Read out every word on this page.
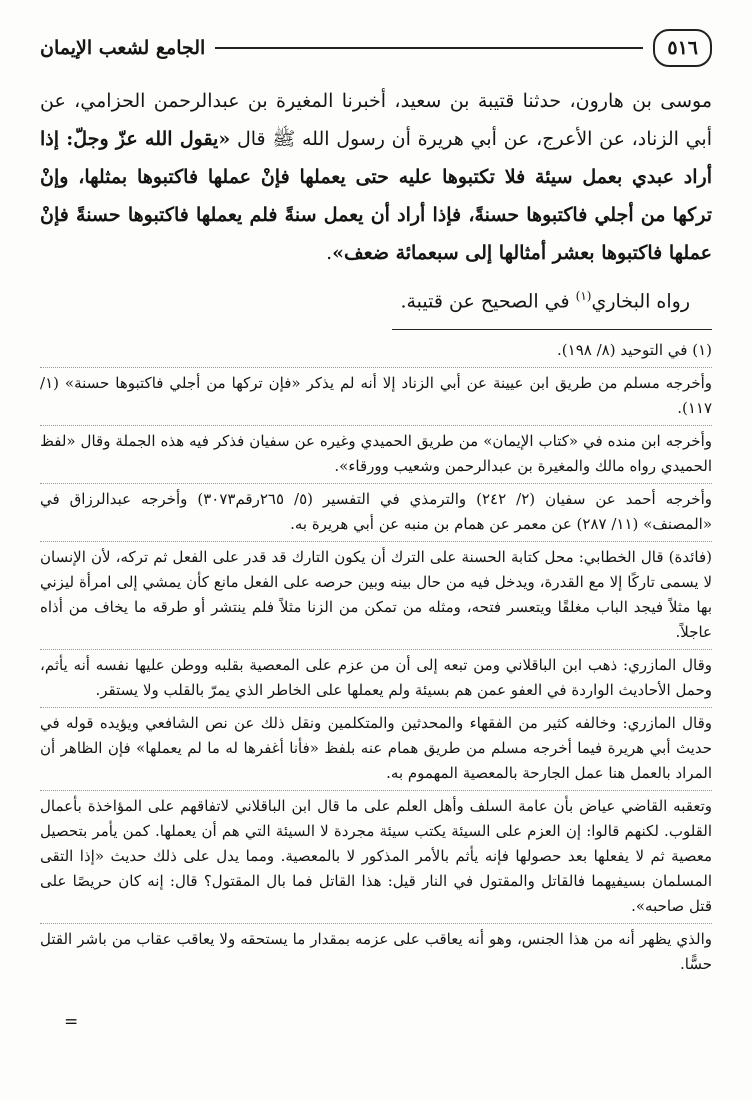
٥١٦
الجامع لشعب الإيمان
موسى بن هارون، حدثنا قتيبة بن سعيد، أخبرنا المغيرة بن عبدالرحمن الحزامي، عن أبي الزناد، عن الأعرج، عن أبي هريرة أن رسول الله ﷺ قال «يقول الله عزّ وجلّ: إذا أراد عبدي بعمل سيئة فلا تكتبوها عليه حتى يعملها فإنْ عملها فاكتبوها بمثلها، وإنْ تركها من أجلي فاكتبوها حسنةً، فإذا أراد أن يعمل سنةً فلم يعملها فاكتبوها حسنةً فإنْ عملها فاكتبوها بعشر أمثالها إلى سبعمائة ضعف».
رواه البخاري$^{(١)}$ في الصحيح عن قتيبة.

(١) في التوحيد (٨/ ١٩٨).

وأخرجه مسلم من طريق ابن عيينة عن أبي الزناد إلا أنه لم يذكر «فإن تركها من أجلي فاكتبوها حسنة» (١/ ١١٧).

وأخرجه ابن منده في «كتاب الإيمان» من طريق الحميدي وغيره عن سفيان فذكر فيه هذه الجملة وقال «لفظ الحميدي رواه مالك والمغيرة بن عبدالرحمن وشعيب وورقاء».

وأخرجه أحمد عن سفيان (٢/ ٢٤٢) والترمذي في التفسير (٥/ ٢٦٥رقم٣٠٧٣) وأخرجه عبدالرزاق في «المصنف» (١١/ ٢٨٧) عن معمر عن همام بن منبه عن أبي هريرة به.

(فائدة) قال الخطابي: محل كتابة الحسنة على الترك أن يكون التارك قد قدر على الفعل ثم تركه، لأن الإنسان لا يسمى تاركًا إلا مع القدرة، ويدخل فيه من حال بينه وبين حرصه على الفعل مانع كأن يمشي إلى امرأة ليزني بها مثلاً فيجد الباب مغلقًا ويتعسر فتحه، ومثله من تمكن من الزنا مثلاً فلم ينتشر أو طرقه ما يخاف من أذاه عاجلاً.

وقال المازري: ذهب ابن الباقلاني ومن تبعه إلى أن من عزم على المعصية بقلبه ووطن عليها نفسه أنه يأثم، وحمل الأحاديث الواردة في العفو عمن هم بسيئة ولم يعملها على الخاطر الذي يمرّ بالقلب ولا يستقر.

وقال المازري: وخالفه كثير من الفقهاء والمحدثين والمتكلمين ونقل ذلك عن نص الشافعي ويؤيده قوله في حديث أبي هريرة فيما أخرجه مسلم من طريق همام عنه بلفظ «فأنا أغفرها له ما لم يعملها» فإن الظاهر أن المراد بالعمل هنا عمل الجارحة بالمعصية المهموم به.

وتعقبه القاضي عياض بأن عامة السلف وأهل العلم على ما قال ابن الباقلاني لاتفاقهم على المؤاخذة بأعمال القلوب. لكنهم قالوا: إن العزم على السيئة يكتب سيئة مجردة لا السيئة التي هم أن يعملها. كمن يأمر بتحصيل معصية ثم لا يفعلها بعد حصولها فإنه يأثم بالأمر المذكور لا بالمعصية. ومما يدل على ذلك حديث «إذا التقى المسلمان بسيفيهما فالقاتل والمقتول في النار قيل: هذا القاتل فما بال المقتول؟ قال: إنه كان حريصًا على قتل صاحبه».

والذي يظهر أنه من هذا الجنس، وهو أنه يعاقب على عزمه بمقدار ما يستحقه ولا يعاقب عقاب من باشر القتل حسًّا.

=
